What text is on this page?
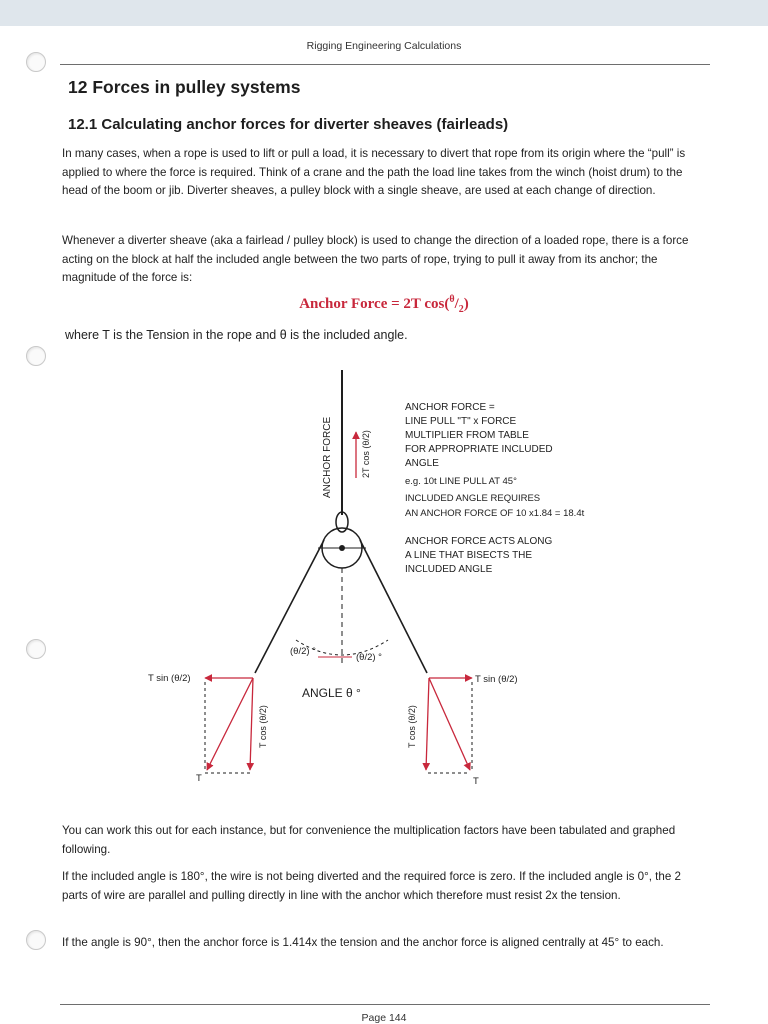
Rigging Engineering Calculations
12 Forces in pulley systems
12.1 Calculating anchor forces for diverter sheaves (fairleads)

In many cases, when a rope is used to lift or pull a load, it is necessary to divert that rope from its origin where the “pull” is applied to where the force is required. Think of a crane and the path the load line takes from the winch (hoist drum) to the head of the boom or jib. Diverter sheaves, a pulley block with a single sheave, are used at each change of direction.

Whenever a diverter sheave (aka a fairlead / pulley block) is used to change the direction of a loaded rope, there is a force acting on the block at half the included angle between the two parts of rope, trying to pull it away from its anchor; the magnitude of the force is:

Anchor Force = 2T $\cos(^\theta/_2)$

where T is the Tension in the rope and θ is the included angle.

ANCHOR FORCE	2T cos (θ/2)
ANCHOR FORCE =
LINE PULL "T" x FORCE
MULTIPLIER FROM TABLE
FOR APPROPRIATE INCLUDED
ANGLE
e.g. 10t LINE PULL AT 45°
INCLUDED ANGLE REQUIRES
AN ANCHOR FORCE OF 10 x1.84 = 18.4t
ANCHOR FORCE ACTS ALONG
A LINE THAT BISECTS THE
INCLUDED ANGLE
(θ/2) °
(θ/2) °
ANGLE θ °
T sin (θ/2)
T cos (θ/2)
T
T sin (θ/2)
T cos (θ/2)
T

You can work this out for each instance, but for convenience the multiplication factors have been tabulated and graphed following.

If the included angle is 180°, the wire is not being diverted and the required force is zero. If the included angle is 0°, the 2 parts of wire are parallel and pulling directly in line with the anchor which therefore must resist 2x the tension.

If the angle is 90°, then the anchor force is 1.414x the tension and the anchor force is aligned centrally at 45° to each.

Page 144
